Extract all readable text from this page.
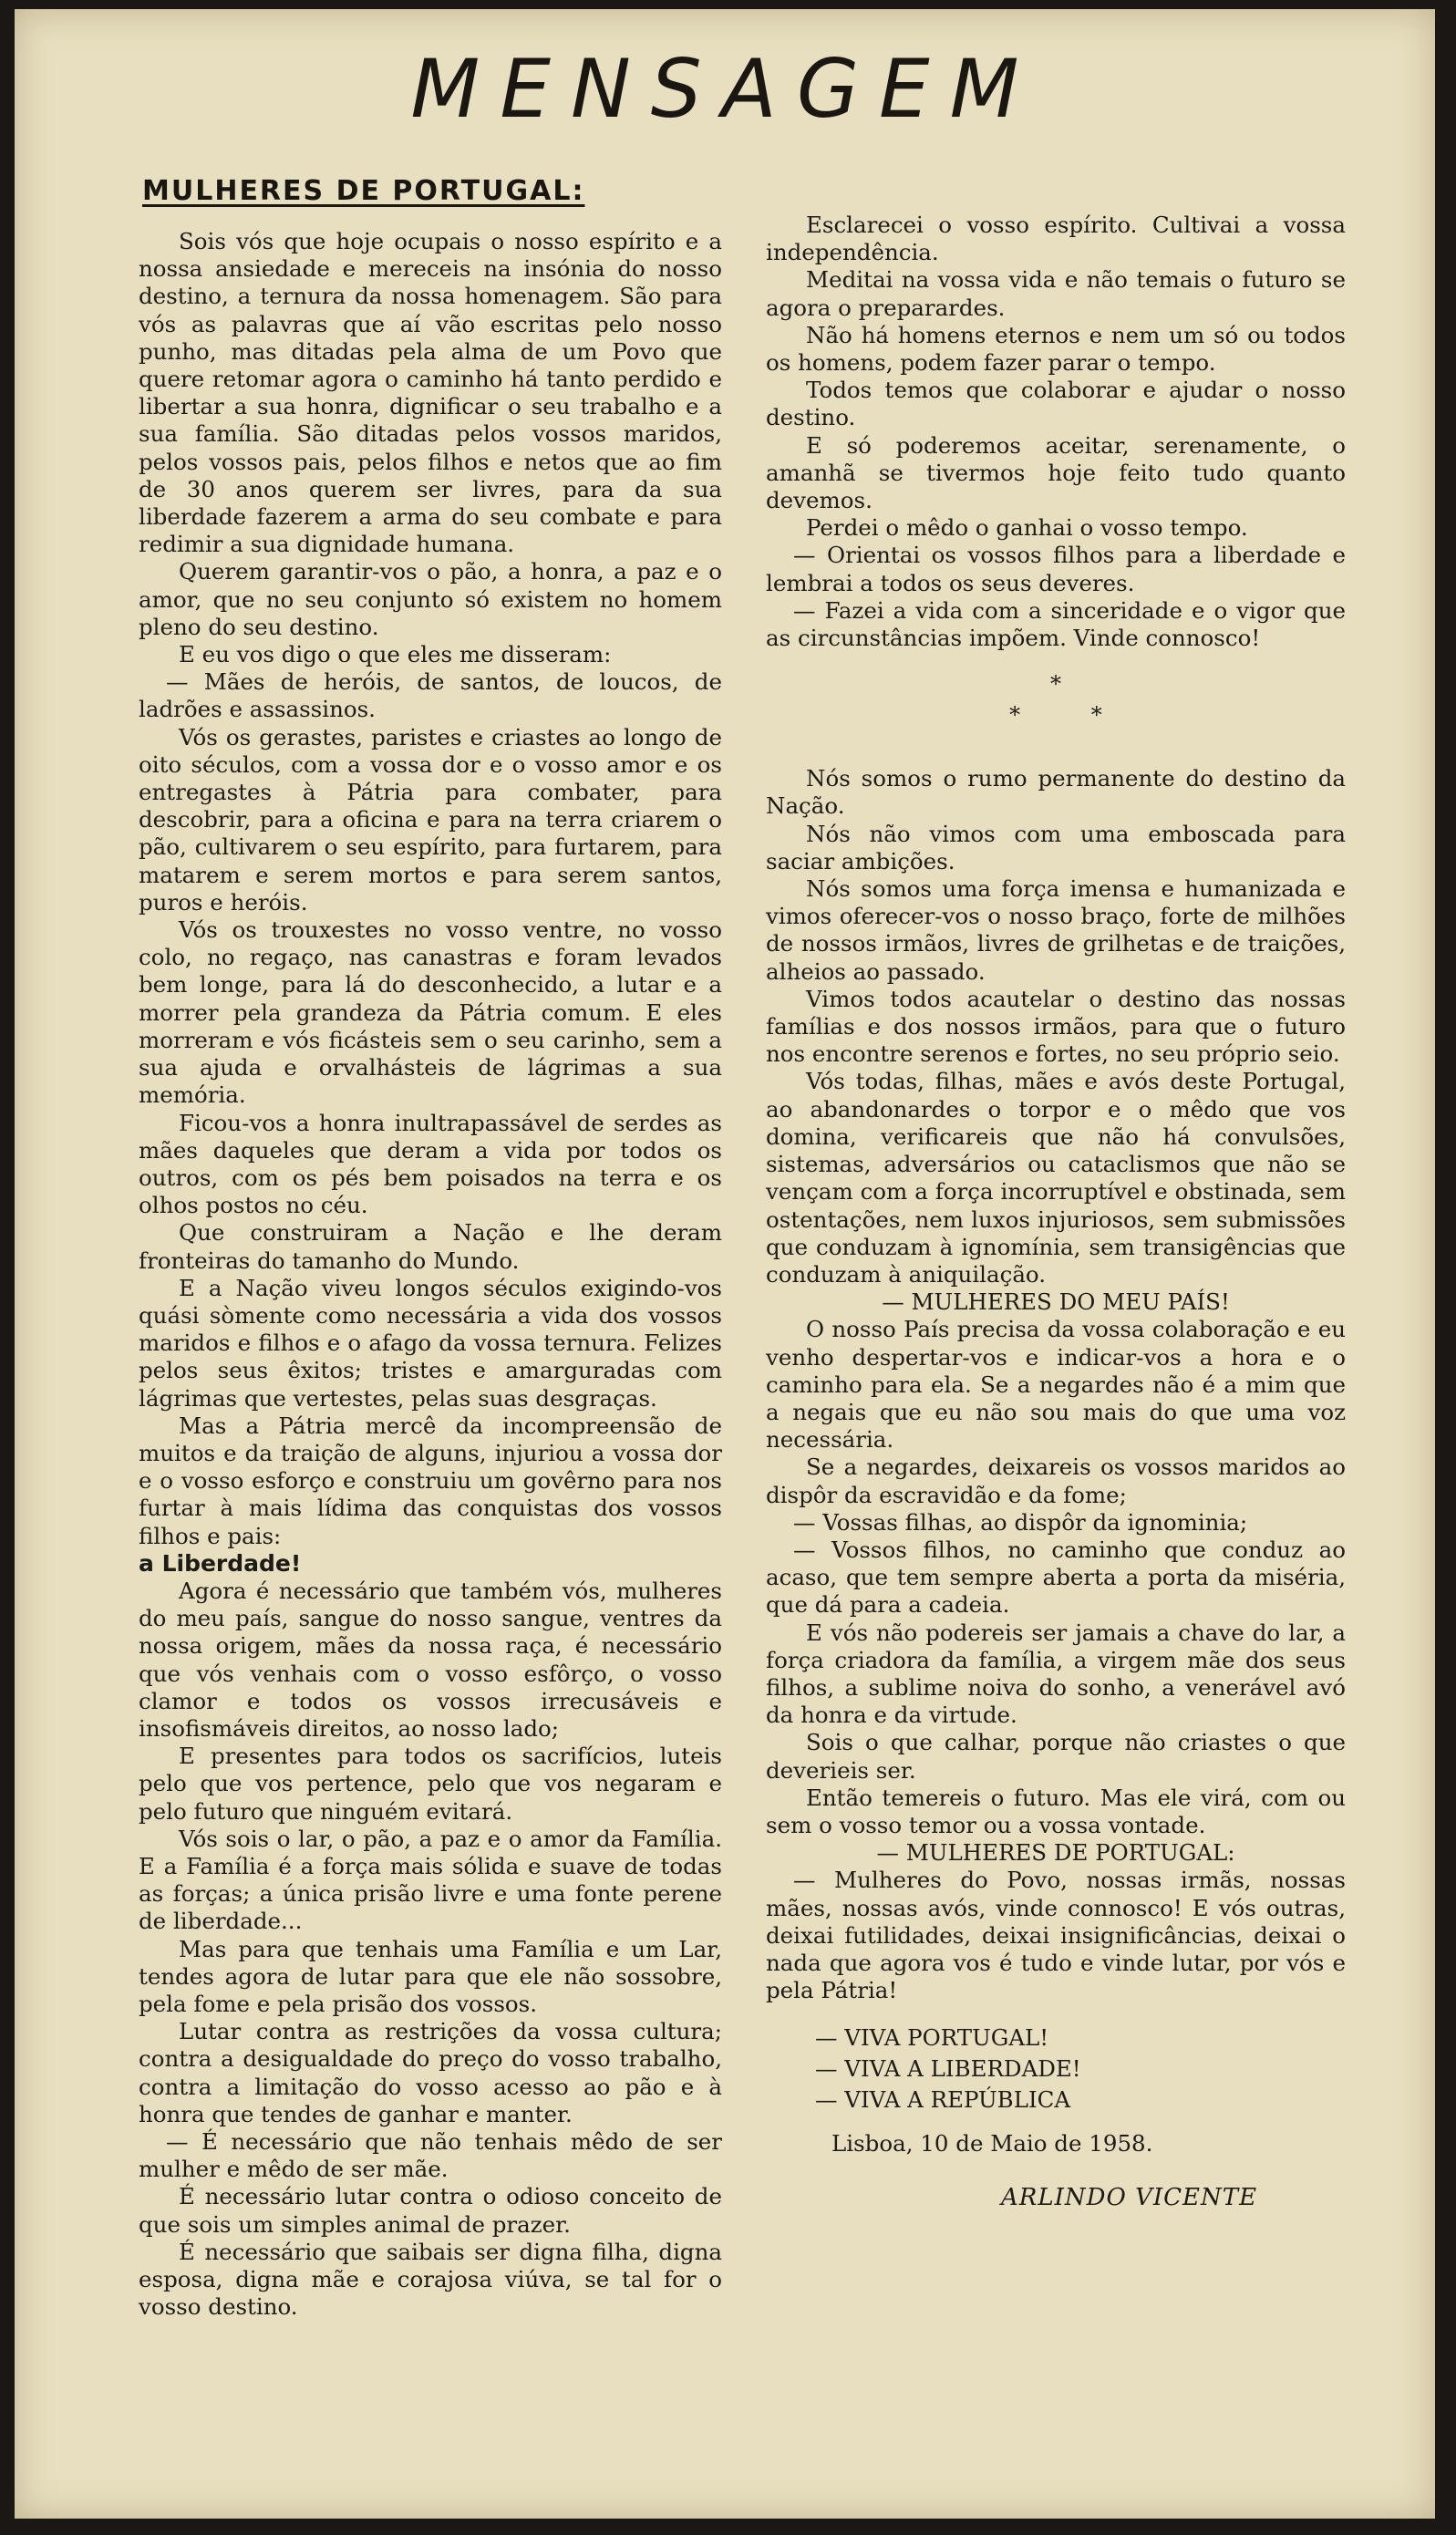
MENSAGEM
MULHERES DE PORTUGAL:

Sois vós que hoje ocupais o nosso espírito e a nossa ansiedade e mereceis na insónia do nosso destino, a ternura da nossa homenagem. São para vós as palavras que aí vão escritas pelo nosso punho, mas ditadas pela alma de um Povo que quere retomar agora o caminho há tanto perdido e libertar a sua honra, dignificar o seu trabalho e a sua família. São ditadas pelos vossos maridos, pelos vossos pais, pelos filhos e netos que ao fim de 30 anos querem ser livres, para da sua liberdade fazerem a arma do seu combate e para redimir a sua dignidade humana.

Querem garantir-vos o pão, a honra, a paz e o amor, que no seu conjunto só existem no homem pleno do seu destino.

E eu vos digo o que eles me disseram:

— Mães de heróis, de santos, de loucos, de ladrões e assassinos.

Vós os gerastes, paristes e criastes ao longo de oito séculos, com a vossa dor e o vosso amor e os entregastes à Pátria para combater, para descobrir, para a oficina e para na terra criarem o pão, cultivarem o seu espírito, para furtarem, para matarem e serem mortos e para serem santos, puros e heróis.

Vós os trouxestes no vosso ventre, no vosso colo, no regaço, nas canastras e foram levados bem longe, para lá do desconhecido, a lutar e a morrer pela grandeza da Pátria comum. E eles morreram e vós ficásteis sem o seu carinho, sem a sua ajuda e orvalhásteis de lágrimas a sua memória.

Ficou-vos a honra inultrapassável de serdes as mães daqueles que deram a vida por todos os outros, com os pés bem poisados na terra e os olhos postos no céu.

Que construiram a Nação e lhe deram fronteiras do tamanho do Mundo.

E a Nação viveu longos séculos exigindo-vos quási sòmente como necessária a vida dos vossos maridos e filhos e o afago da vossa ternura. Felizes pelos seus êxitos; tristes e amarguradas com lágrimas que vertestes, pelas suas desgraças.

Mas a Pátria mercê da incompreensão de muitos e da traição de alguns, injuriou a vossa dor e o vosso esforço e construiu um govêrno para nos furtar à mais lídima das conquistas dos vossos filhos e pais:

a Liberdade!

Agora é necessário que também vós, mulheres do meu país, sangue do nosso sangue, ventres da nossa origem, mães da nossa raça, é necessário que vós venhais com o vosso esfôrço, o vosso clamor e todos os vossos irrecusáveis e insofismáveis direitos, ao nosso lado;

E presentes para todos os sacrifícios, luteis pelo que vos pertence, pelo que vos negaram e pelo futuro que ninguém evitará.

Vós sois o lar, o pão, a paz e o amor da Família. E a Família é a força mais sólida e suave de todas as forças; a única prisão livre e uma fonte perene de liberdade...

Mas para que tenhais uma Família e um Lar, tendes agora de lutar para que ele não sossobre, pela fome e pela prisão dos vossos.

Lutar contra as restrições da vossa cultura; contra a desigualdade do preço do vosso trabalho, contra a limitação do vosso acesso ao pão e à honra que tendes de ganhar e manter.

— É necessário que não tenhais mêdo de ser mulher e mêdo de ser mãe.

É necessário lutar contra o odioso conceito de que sois um simples animal de prazer.

É necessário que saibais ser digna filha, digna esposa, digna mãe e corajosa viúva, se tal for o vosso destino.

Esclarecei o vosso espírito. Cultivai a vossa independência.

Meditai na vossa vida e não temais o futuro se agora o preparardes.

Não há homens eternos e nem um só ou todos os homens, podem fazer parar o tempo.

Todos temos que colaborar e ajudar o nosso destino.

E só poderemos aceitar, serenamente, o amanhã se tivermos hoje feito tudo quanto devemos.

Perdei o mêdo o ganhai o vosso tempo.

— Orientai os vossos filhos para a liberdade e lembrai a todos os seus deveres.

— Fazei a vida com a sinceridade e o vigor que as circunstâncias impõem. Vinde connosco!

*
* *

Nós somos o rumo permanente do destino da Nação.

Nós não vimos com uma emboscada para saciar ambições.

Nós somos uma força imensa e humanizada e vimos oferecer-vos o nosso braço, forte de milhões de nossos irmãos, livres de grilhetas e de traições, alheios ao passado.

Vimos todos acautelar o destino das nossas famílias e dos nossos irmãos, para que o futuro nos encontre serenos e fortes, no seu próprio seio.

Vós todas, filhas, mães e avós deste Portugal, ao abandonardes o torpor e o mêdo que vos domina, verificareis que não há convulsões, sistemas, adversários ou cataclismos que não se vençam com a força incorruptível e obstinada, sem ostentações, nem luxos injuriosos, sem submissões que conduzam à ignomínia, sem transigências que conduzam à aniquilação.

— MULHERES DO MEU PAÍS!

O nosso País precisa da vossa colaboração e eu venho despertar-vos e indicar-vos a hora e o caminho para ela. Se a negardes não é a mim que a negais que eu não sou mais do que uma voz necessária.

Se a negardes, deixareis os vossos maridos ao dispôr da escravidão e da fome;

— Vossas filhas, ao dispôr da ignominia;

— Vossos filhos, no caminho que conduz ao acaso, que tem sempre aberta a porta da miséria, que dá para a cadeia.

E vós não podereis ser jamais a chave do lar, a força criadora da família, a virgem mãe dos seus filhos, a sublime noiva do sonho, a venerável avó da honra e da virtude.

Sois o que calhar, porque não criastes o que deverieis ser.

Então temereis o futuro. Mas ele virá, com ou sem o vosso temor ou a vossa vontade.

— MULHERES DE PORTUGAL:

— Mulheres do Povo, nossas irmãs, nossas mães, nossas avós, vinde connosco! E vós outras, deixai futilidades, deixai insignificâncias, deixai o nada que agora vos é tudo e vinde lutar, por vós e pela Pátria!

— VIVA PORTUGAL!
— VIVA A LIBERDADE!
— VIVA A REPÚBLICA

Lisboa, 10 de Maio de 1958.

ARLINDO VICENTE
